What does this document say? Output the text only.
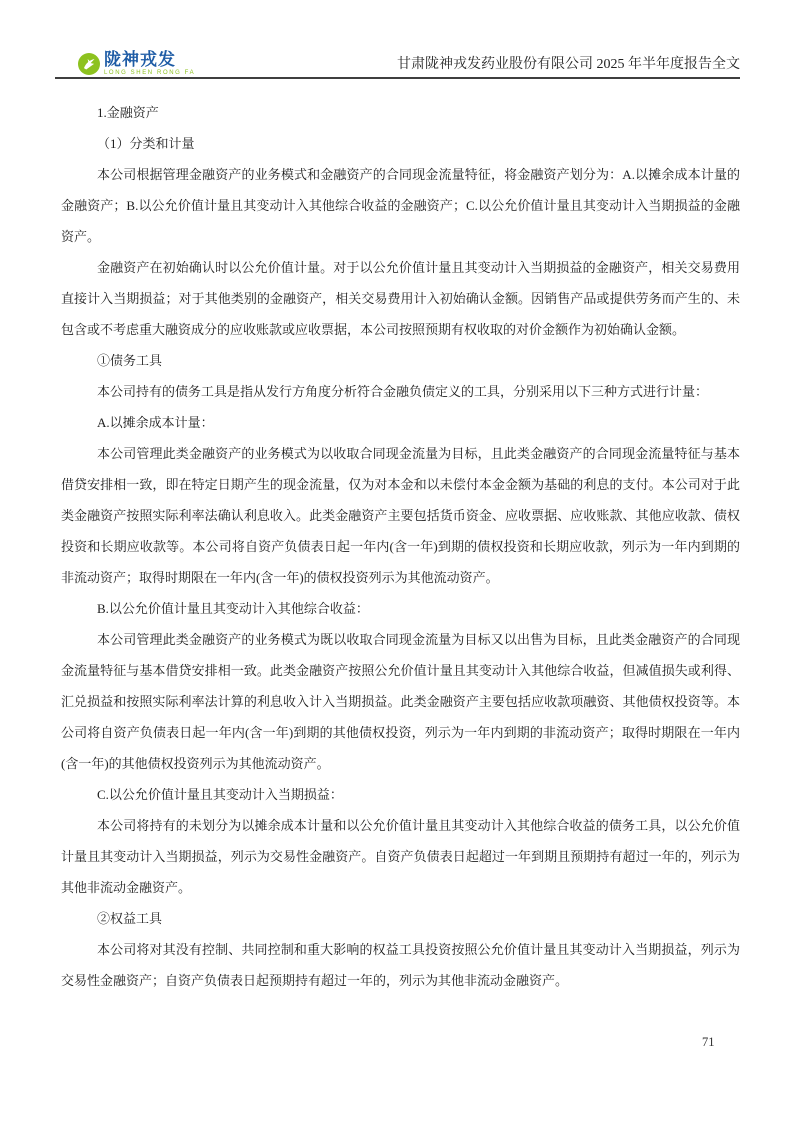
陇神戎发
LONG SHEN RONG FA
甘肃陇神戎发药业股份有限公司 2025 年半年度报告全文

1.金融资产

（1）分类和计量

本公司根据管理金融资产的业务模式和金融资产的合同现金流量特征，将金融资产划分为：A.以摊余成本计量的金融资产；B.以公允价值计量且其变动计入其他综合收益的金融资产；C.以公允价值计量且其变动计入当期损益的金融资产。

金融资产在初始确认时以公允价值计量。对于以公允价值计量且其变动计入当期损益的金融资产，相关交易费用直接计入当期损益；对于其他类别的金融资产，相关交易费用计入初始确认金额。因销售产品或提供劳务而产生的、未包含或不考虑重大融资成分的应收账款或应收票据，本公司按照预期有权收取的对价金额作为初始确认金额。

①债务工具

本公司持有的债务工具是指从发行方角度分析符合金融负债定义的工具，分别采用以下三种方式进行计量：

A.以摊余成本计量：

本公司管理此类金融资产的业务模式为以收取合同现金流量为目标，且此类金融资产的合同现金流量特征与基本借贷安排相一致，即在特定日期产生的现金流量，仅为对本金和以未偿付本金金额为基础的利息的支付。本公司对于此类金融资产按照实际利率法确认利息收入。此类金融资产主要包括货币资金、应收票据、应收账款、其他应收款、债权投资和长期应收款等。本公司将自资产负债表日起一年内(含一年)到期的债权投资和长期应收款，列示为一年内到期的非流动资产；取得时期限在一年内(含一年)的债权投资列示为其他流动资产。

B.以公允价值计量且其变动计入其他综合收益：

本公司管理此类金融资产的业务模式为既以收取合同现金流量为目标又以出售为目标，且此类金融资产的合同现金流量特征与基本借贷安排相一致。此类金融资产按照公允价值计量且其变动计入其他综合收益，但减值损失或利得、汇兑损益和按照实际利率法计算的利息收入计入当期损益。此类金融资产主要包括应收款项融资、其他债权投资等。本公司将自资产负债表日起一年内(含一年)到期的其他债权投资，列示为一年内到期的非流动资产；取得时期限在一年内(含一年)的其他债权投资列示为其他流动资产。

C.以公允价值计量且其变动计入当期损益：

本公司将持有的未划分为以摊余成本计量和以公允价值计量且其变动计入其他综合收益的债务工具，以公允价值计量且其变动计入当期损益，列示为交易性金融资产。自资产负债表日起超过一年到期且预期持有超过一年的，列示为其他非流动金融资产。

②权益工具

本公司将对其没有控制、共同控制和重大影响的权益工具投资按照公允价值计量且其变动计入当期损益，列示为交易性金融资产；自资产负债表日起预期持有超过一年的，列示为其他非流动金融资产。

71
